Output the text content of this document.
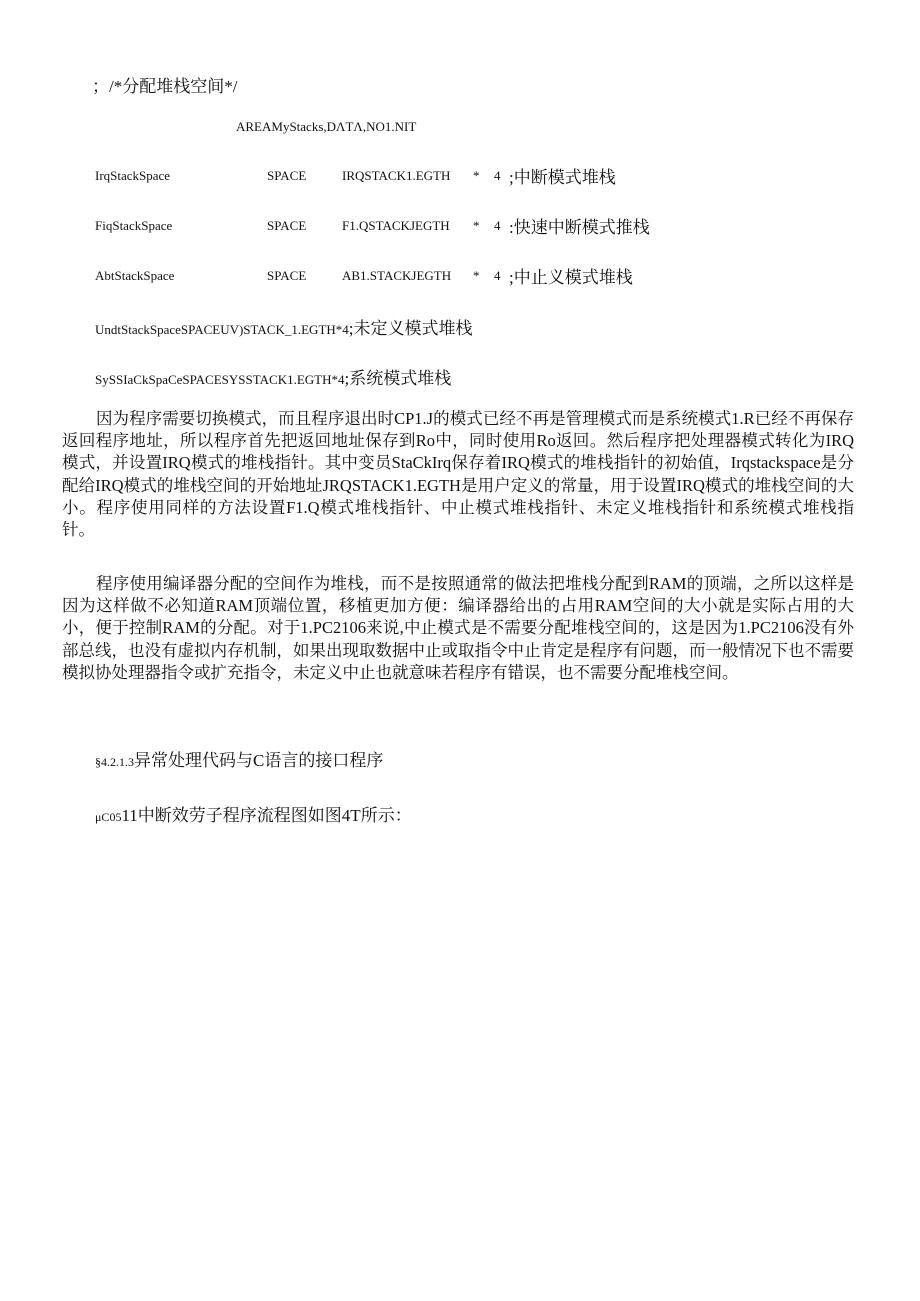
；/*分配堆栈空间*/
AREAMyStacks,DΛTΛ,NO1.NIT
IrqStackSpace	SPACE	IRQSTACK1.EGTH * 4 ;中断模式堆栈
FiqStackSpace	SPACE	F1.QSTACKJEGTH * 4 :快速中断模式推栈
AbtStackSpace	SPACE	AB1.STACKJEGTH * 4 ;中止义模式堆栈
UndtStackSpaceSPACEUV)STACK_1.EGTH*4;未定义模式堆栈
SySSIaCkSpaCeSPACESYSSTACK1.EGTH*4;系统模式堆栈

因为程序需要切换模式，而且程序退出时CP1.J的模式已经不再是管理模式而是系统模式1.R已经不再保存返回程序地址，所以程序首先把返回地址保存到Ro中，同时使用Ro返回。然后程序把处理器模式转化为IRQ模式，并设置IRQ模式的堆栈指针。其中变员StaCkIrq保存着IRQ模式的堆栈指针的初始值，Irqstackspace是分配给IRQ模式的堆栈空间的开始地址JRQSTACK1.EGTH是用户定义的常量，用于设置IRQ模式的堆栈空间的大小。程序使用同样的方法设置F1.Q模式堆栈指针、中止模式堆栈指针、未定义堆栈指针和系统模式堆栈指针。

程序使用编译器分配的空间作为堆栈，而不是按照通常的做法把堆栈分配到RAM的顶端，之所以这样是因为这样做不必知道RAM顶端位置，移植更加方便：编译器给出的占用RAM空间的大小就是实际占用的大小，便于控制RAM的分配。对于1.PC2106来说,中止模式是不需要分配堆栈空间的，这是因为1.PC2106没有外部总线，也没有虚拟内存机制，如果出现取数据中止或取指令中止肯定是程序有问题，而一般情况下也不需要模拟协处理器指令或扩充指令，未定义中止也就意味若程序有错误，也不需要分配堆栈空间。

§4.2.1.3异常处理代码与C语言的接口程序
μC0511中断效劳子程序流程图如图4T所示：
